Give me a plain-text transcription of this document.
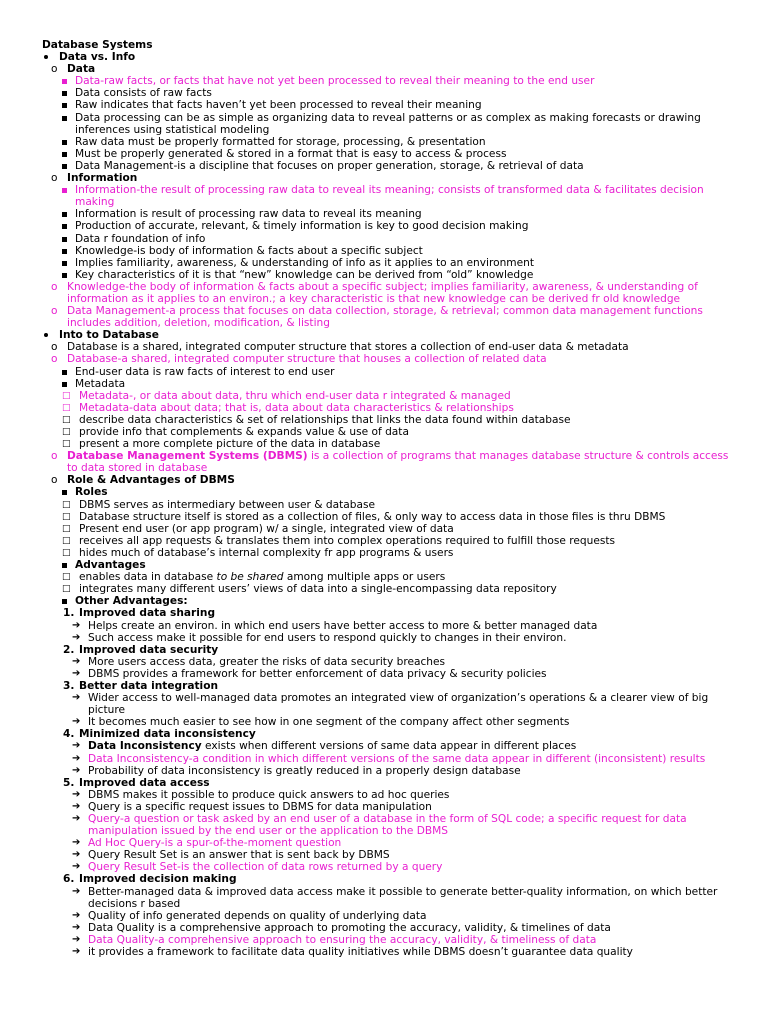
Database Systems
Data vs. Info
o Data
Data-raw facts, or facts that have not yet been processed to reveal their meaning to the end user
Data consists of raw facts
Raw indicates that facts haven’t yet been processed to reveal their meaning
Data processing can be as simple as organizing data to reveal patterns or as complex as making forecasts or drawing inferences using statistical modeling
Raw data must be properly formatted for storage, processing, & presentation
Must be properly generated & stored in a format that is easy to access & process
Data Management-is a discipline that focuses on proper generation, storage, & retrieval of data
o Information
Information-the result of processing raw data to reveal its meaning; consists of transformed data & facilitates decision making
Information is result of processing raw data to reveal its meaning
Production of accurate, relevant, & timely information is key to good decision making
Data r foundation of info
Knowledge-is body of information & facts about a specific subject
Implies familiarity, awareness, & understanding of info as it applies to an environment
Key characteristics of it is that “new” knowledge can be derived from “old” knowledge
o Knowledge-the body of information & facts about a specific subject; implies familiarity, awareness, & understanding of information as it applies to an environ.; a key characteristic is that new knowledge can be derived fr old knowledge
o Data Management-a process that focuses on data collection, storage, & retrieval; common data management functions includes addition, deletion, modification, & listing
Into to Database
o Database is a shared, integrated computer structure that stores a collection of end-user data & metadata
o Database-a shared, integrated computer structure that houses a collection of related data
End-user data is raw facts of interest to end user
Metadata
□ Metadata-, or data about data, thru which end-user data r integrated & managed
□ Metadata-data about data; that is, data about data characteristics & relationships
□ describe data characteristics & set of relationships that links the data found within database
□ provide info that complements & expands value & use of data
□ present a more complete picture of the data in database
o Database Management Systems (DBMS) is a collection of programs that manages database structure & controls access to data stored in database
o Role & Advantages of DBMS
Roles
□ DBMS serves as intermediary between user & database
□ Database structure itself is stored as a collection of files, & only way to access data in those files is thru DBMS
□ Present end user (or app program) w/ a single, integrated view of data
□ receives all app requests & translates them into complex operations required to fulfill those requests
□ hides much of database’s internal complexity fr app programs & users
Advantages
□ enables data in database to be shared among multiple apps or users
□ integrates many different users’ views of data into a single-encompassing data repository
Other Advantages:
1. Improved data sharing
➔ Helps create an environ. in which end users have better access to more & better managed data
➔ Such access make it possible for end users to respond quickly to changes in their environ.
2. Improved data security
➔ More users access data, greater the risks of data security breaches
➔ DBMS provides a framework for better enforcement of data privacy & security policies
3. Better data integration
➔ Wider access to well-managed data promotes an integrated view of organization’s operations & a clearer view of big picture
➔ It becomes much easier to see how in one segment of the company affect other segments
4. Minimized data inconsistency
➔ Data Inconsistency exists when different versions of same data appear in different places
➔ Data Inconsistency-a condition in which different versions of the same data appear in different (inconsistent) results
➔ Probability of data inconsistency is greatly reduced in a properly design database
5. Improved data access
➔ DBMS makes it possible to produce quick answers to ad hoc queries
➔ Query is a specific request issues to DBMS for data manipulation
➔ Query-a question or task asked by an end user of a database in the form of SQL code; a specific request for data manipulation issued by the end user or the application to the DBMS
➔ Ad Hoc Query-is a spur-of-the-moment question
➔ Query Result Set is an answer that is sent back by DBMS
➔ Query Result Set-is the collection of data rows returned by a query
6. Improved decision making
➔ Better-managed data & improved data access make it possible to generate better-quality information, on which better decisions r based
➔ Quality of info generated depends on quality of underlying data
➔ Data Quality is a comprehensive approach to promoting the accuracy, validity, & timelines of data
➔ Data Quality-a comprehensive approach to ensuring the accuracy, validity, & timeliness of data
➔ it provides a framework to facilitate data quality initiatives while DBMS doesn’t guarantee data quality
